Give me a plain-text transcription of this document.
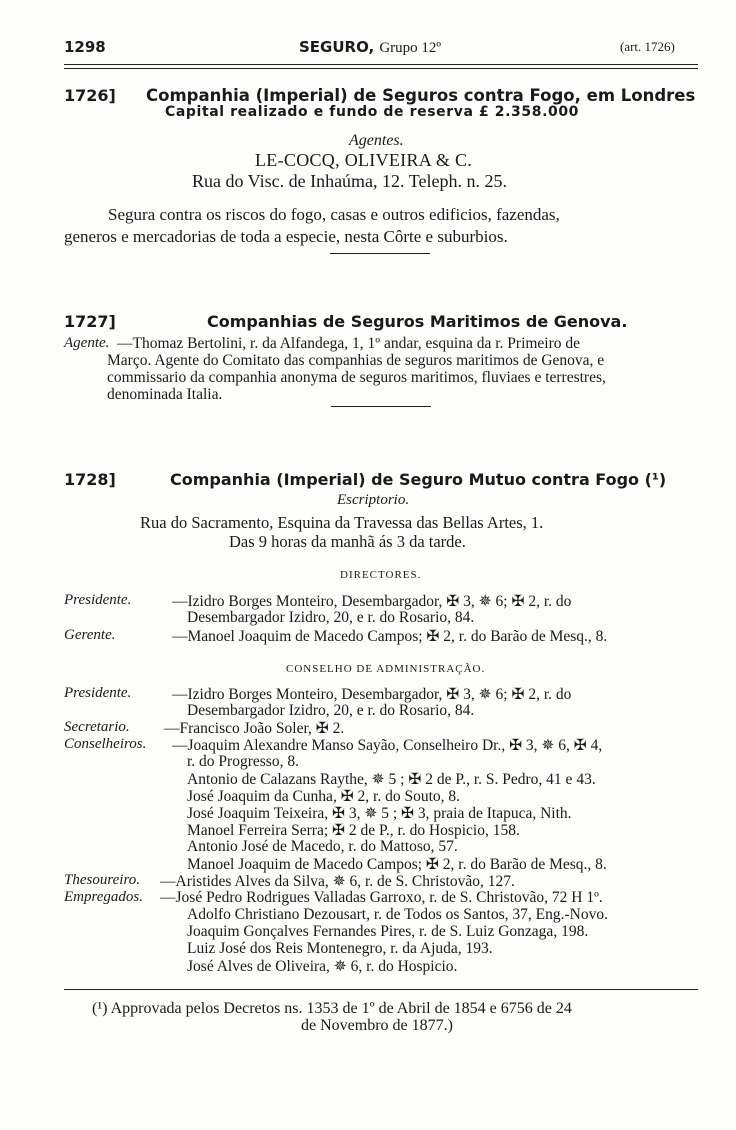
1298	SEGURO, Grupo 12º	(art. 1726)
1726] Companhia (Imperial) de Seguros contra Fogo, em Londres
Capital realizado e fundo de reserva £ 2.358.000
Agentes.
LE-COCQ, OLIVEIRA & C.
Rua do Visc. de Inhaúma, 12. Teleph. n. 25.
Segura contra os riscos do fogo, casas e outros edificios, fazendas,
generos e mercadorias de toda a especie, nesta Côrte e suburbios.
1727]	Companhias de Seguros Maritimos de Genova.
Agente. —Thomaz Bertolini, r. da Alfandega, 1, 1º andar, esquina da r. Primeiro de
Março. Agente do Comitato das companhias de seguros maritimos de Genova, e
commissario da companhia anonyma de seguros maritimos, fluviaes e terrestres,
denominada Italia.
1728]	Companhia (Imperial) de Seguro Mutuo contra Fogo (¹)
Escriptorio.
Rua do Sacramento, Esquina da Travessa das Bellas Artes, 1.
Das 9 horas da manhã ás 3 da tarde.
DIRECTORES.
Presidente.	—Izidro Borges Monteiro, Desembargador, ✠ 3, ✵ 6; ✠ 2, r. do
Desembargador Izidro, 20, e r. do Rosario, 84.
Gerente.	—Manoel Joaquim de Macedo Campos; ✠ 2, r. do Barão de Mesq., 8.
CONSELHO DE ADMINISTRAÇÃO.
Presidente.	—Izidro Borges Monteiro, Desembargador, ✠ 3, ✵ 6; ✠ 2, r. do
Desembargador Izidro, 20, e r. do Rosario, 84.
Secretario. —Francisco João Soler, ✠ 2.
Conselheiros. —Joaquim Alexandre Manso Sayão, Conselheiro Dr., ✠ 3, ✵ 6, ✠ 4,
r. do Progresso, 8.
Antonio de Calazans Raythe, ✵ 5 ; ✠ 2 de P., r. S. Pedro, 41 e 43.
José Joaquim da Cunha, ✠ 2, r. do Souto, 8.
José Joaquim Teixeira, ✠ 3, ✵ 5 ; ✠ 3, praia de Itapuca, Nith.
Manoel Ferreira Serra; ✠ 2 de P., r. do Hospicio, 158.
Antonio José de Macedo, r. do Mattoso, 57.
Manoel Joaquim de Macedo Campos; ✠ 2, r. do Barão de Mesq., 8.
Thesoureiro. —Aristides Alves da Silva, ✵ 6, r. de S. Christovão, 127.
Empregados. —José Pedro Rodrigues Valladas Garroxo, r. de S. Christovão, 72 H 1º.
Adolfo Christiano Dezousart, r. de Todos os Santos, 37, Eng.-Novo.
Joaquim Gonçalves Fernandes Pires, r. de S. Luiz Gonzaga, 198.
Luiz José dos Reis Montenegro, r. da Ajuda, 193.
José Alves de Oliveira, ✵ 6, r. do Hospicio.
(¹) Approvada pelos Decretos ns. 1353 de 1º de Abril de 1854 e 6756 de 24
de Novembro de 1877.)
